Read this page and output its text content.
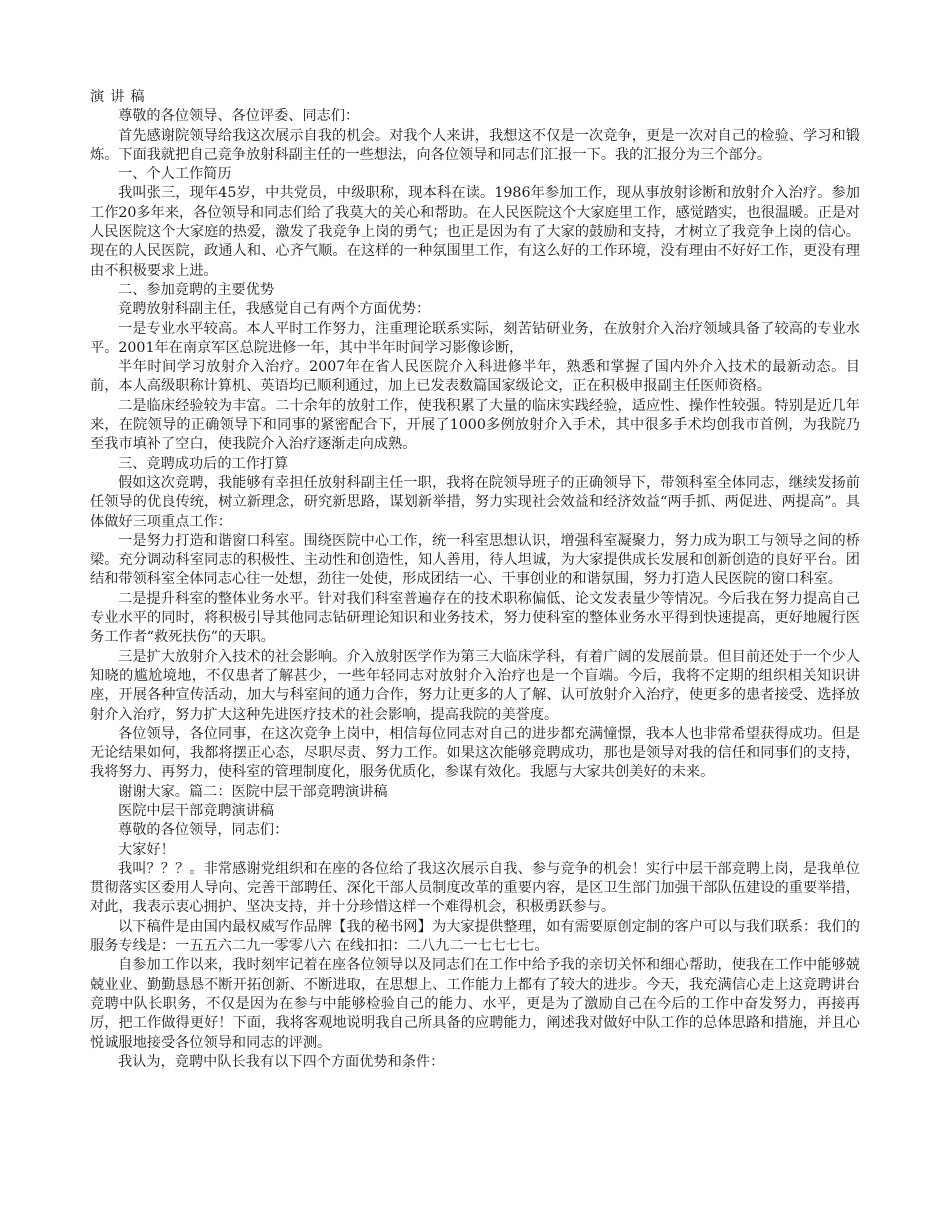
演讲稿

尊敬的各位领导、各位评委、同志们：

首先感谢院领导给我这次展示自我的机会。对我个人来讲，我想这不仅是一次竞争，更是一次对自己的检验、学习和锻炼。下面我就把自己竞争放射科副主任的一些想法，向各位领导和同志们汇报一下。我的汇报分为三个部分。

一、个人工作简历

我叫张三，现年45岁，中共党员，中级职称，现本科在读。1986年参加工作，现从事放射诊断和放射介入治疗。参加工作20多年来，各位领导和同志们给了我莫大的关心和帮助。在人民医院这个大家庭里工作，感觉踏实，也很温暖。正是对人民医院这个大家庭的热爱，激发了我竞争上岗的勇气；也正是因为有了大家的鼓励和支持，才树立了我竞争上岗的信心。现在的人民医院，政通人和、心齐气顺。在这样的一种氛围里工作，有这么好的工作环境，没有理由不好好工作，更没有理由不积极要求上进。

二、参加竞聘的主要优势

竞聘放射科副主任，我感觉自己有两个方面优势：

一是专业水平较高。本人平时工作努力，注重理论联系实际，刻苦钻研业务，在放射介入治疗领域具备了较高的专业水平。2001年在南京军区总院进修一年，其中半年时间学习影像诊断，

半年时间学习放射介入治疗。2007年在省人民医院介入科进修半年，熟悉和掌握了国内外介入技术的最新动态。目前，本人高级职称计算机、英语均已顺利通过，加上已发表数篇国家级论文，正在积极申报副主任医师资格。

二是临床经验较为丰富。二十余年的放射工作，使我积累了大量的临床实践经验，适应性、操作性较强。特别是近几年来，在院领导的正确领导下和同事的紧密配合下，开展了1000多例放射介入手术，其中很多手术均创我市首例，为我院乃至我市填补了空白，使我院介入治疗逐渐走向成熟。

三、竞聘成功后的工作打算

假如这次竞聘，我能够有幸担任放射科副主任一职，我将在院领导班子的正确领导下，带领科室全体同志，继续发扬前任领导的优良传统，树立新理念，研究新思路，谋划新举措，努力实现社会效益和经济效益“两手抓、两促进、两提高”。具体做好三项重点工作：

一是努力打造和谐窗口科室。围绕医院中心工作，统一科室思想认识，增强科室凝聚力，努力成为职工与领导之间的桥梁。充分调动科室同志的积极性、主动性和创造性，知人善用，待人坦诚，为大家提供成长发展和创新创造的良好平台。团结和带领科室全体同志心往一处想，劲往一处使，形成团结一心、干事创业的和谐氛围，努力打造人民医院的窗口科室。

二是提升科室的整体业务水平。针对我们科室普遍存在的技术职称偏低、论文发表量少等情况。今后我在努力提高自己专业水平的同时，将积极引导其他同志钻研理论知识和业务技术，努力使科室的整体业务水平得到快速提高，更好地履行医务工作者“救死扶伤”的天职。

三是扩大放射介入技术的社会影响。介入放射医学作为第三大临床学科，有着广阔的发展前景。但目前还处于一个少人知晓的尴尬境地，不仅患者了解甚少，一些年轻同志对放射介入治疗也是一个盲端。今后，我将不定期的组织相关知识讲座，开展各种宣传活动，加大与科室间的通力合作，努力让更多的人了解、认可放射介入治疗，使更多的患者接受、选择放射介入治疗，努力扩大这种先进医疗技术的社会影响，提高我院的美誉度。

各位领导，各位同事，在这次竞争上岗中，相信每位同志对自己的进步都充满憧憬，我本人也非常希望获得成功。但是无论结果如何，我都将摆正心态，尽职尽责、努力工作。如果这次能够竞聘成功，那也是领导对我的信任和同事们的支持，我将努力、再努力，使科室的管理制度化，服务优质化，参谋有效化。我愿与大家共创美好的未来。

谢谢大家。篇二：医院中层干部竞聘演讲稿

医院中层干部竞聘演讲稿

尊敬的各位领导，同志们：

大家好！

我叫？？？。非常感谢党组织和在座的各位给了我这次展示自我、参与竞争的机会！实行中层干部竞聘上岗，是我单位贯彻落实区委用人导向、完善干部聘任、深化干部人员制度改革的重要内容，是区卫生部门加强干部队伍建设的重要举措，对此，我表示衷心拥护、坚决支持，并十分珍惜这样一个难得机会，积极勇跃参与。

以下稿件是由国内最权威写作品牌【我的秘书网】为大家提供整理，如有需要原创定制的客户可以与我们联系：我们的服务专线是：一五五六二九一零零八六 在线扣扣：二八九二一七七七七。

自参加工作以来，我时刻牢记着在座各位领导以及同志们在工作中给予我的亲切关怀和细心帮助，使我在工作中能够兢兢业业、勤勤恳恳不断开拓创新、不断进取，在思想上、工作能力上都有了较大的进步。今天，我充满信心走上这竞聘讲台竞聘中队长职务，不仅是因为在参与中能够检验自己的能力、水平，更是为了激励自己在今后的工作中奋发努力，再接再厉，把工作做得更好！下面，我将客观地说明我自己所具备的应聘能力，阐述我对做好中队工作的总体思路和措施，并且心悦诚服地接受各位领导和同志的评测。

我认为，竞聘中队长我有以下四个方面优势和条件：
